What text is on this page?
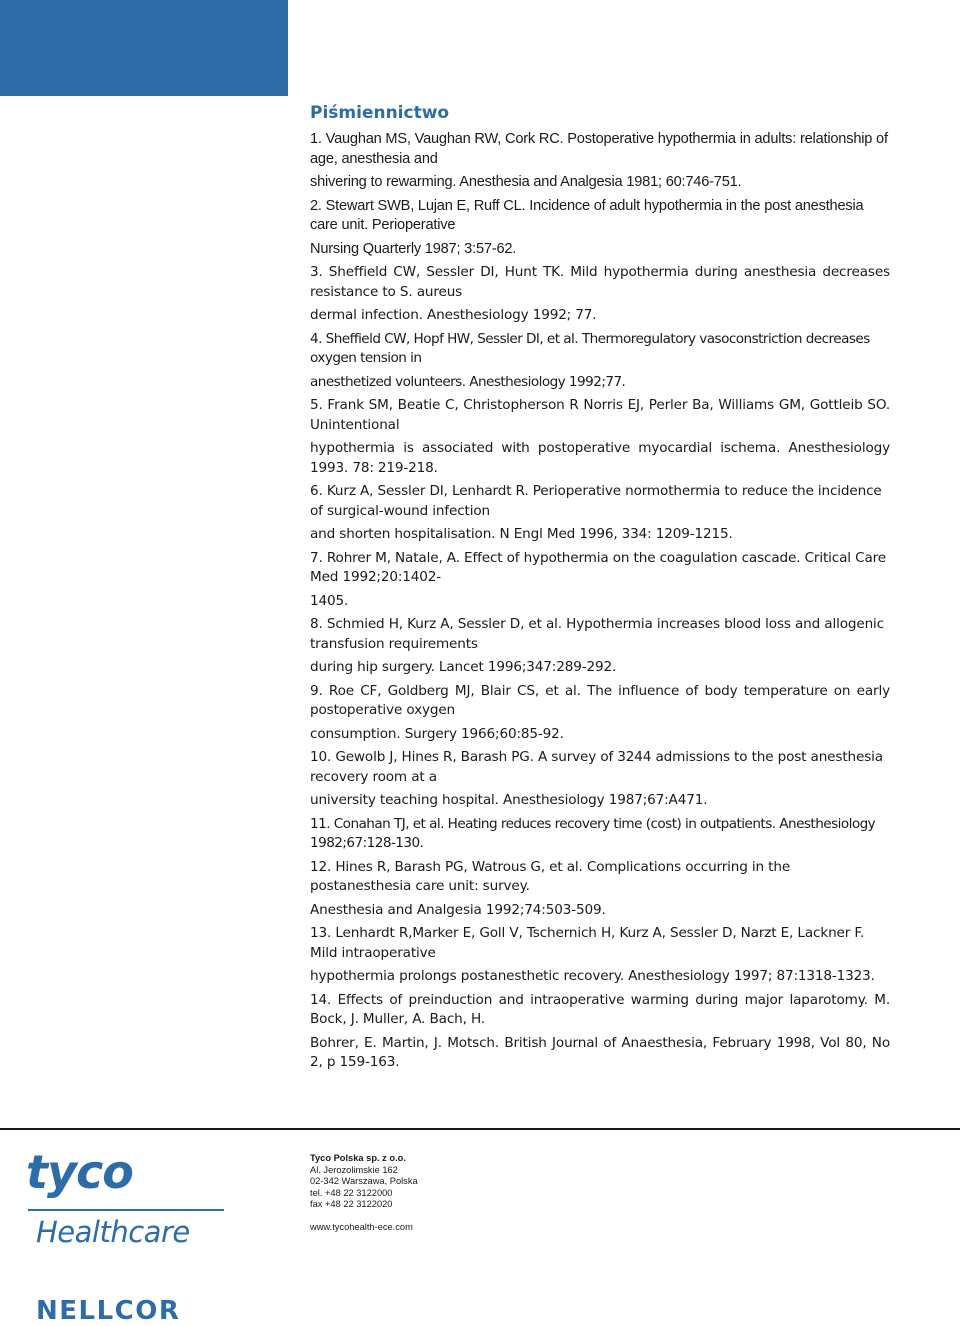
Piśmiennictwo
1. Vaughan MS, Vaughan RW, Cork RC. Postoperative hypothermia in adults: relationship of age, anesthesia and
shivering to rewarming. Anesthesia and Analgesia 1981; 60:746-751.
2. Stewart SWB, Lujan E, Ruff CL. Incidence of adult hypothermia in the post anesthesia care unit. Perioperative
Nursing Quarterly 1987; 3:57-62.
3. Sheffield CW, Sessler DI, Hunt TK. Mild hypothermia during anesthesia decreases resistance to S. aureus
dermal infection. Anesthesiology 1992; 77.
4. Sheffield CW, Hopf HW, Sessler DI, et al. Thermoregulatory vasoconstriction decreases oxygen tension in
anesthetized volunteers. Anesthesiology 1992;77.
5. Frank SM, Beatie C, Christopherson R Norris EJ, Perler Ba, Williams GM, Gottleib SO. Unintentional
hypothermia is associated with postoperative myocardial ischema. Anesthesiology 1993. 78: 219-218.
6. Kurz A, Sessler DI, Lenhardt R. Perioperative normothermia to reduce the incidence of surgical-wound infection
and shorten hospitalisation. N Engl Med 1996, 334: 1209-1215.
7. Rohrer M, Natale, A. Effect of hypothermia on the coagulation cascade. Critical Care Med 1992;20:1402-
1405.
8. Schmied H, Kurz A, Sessler D, et al. Hypothermia increases blood loss and allogenic transfusion requirements
during hip surgery. Lancet 1996;347:289-292.
9. Roe CF, Goldberg MJ, Blair CS, et al. The influence of body temperature on early postoperative oxygen
consumption. Surgery 1966;60:85-92.
10. Gewolb J, Hines R, Barash PG. A survey of 3244 admissions to the post anesthesia recovery room at a
university teaching hospital. Anesthesiology 1987;67:A471.
11. Conahan TJ, et al. Heating reduces recovery time (cost) in outpatients. Anesthesiology 1982;67:128-130.
12. Hines R, Barash PG, Watrous G, et al. Complications occurring in the postanesthesia care unit: survey.
Anesthesia and Analgesia 1992;74:503-509.
13. Lenhardt R,Marker E, Goll V, Tschernich H, Kurz A, Sessler D, Narzt E, Lackner F. Mild intraoperative
hypothermia prolongs postanesthetic recovery. Anesthesiology 1997; 87:1318-1323.
14. Effects of preinduction and intraoperative warming during major laparotomy. M. Bock, J. Muller, A. Bach, H.
Bohrer, E. Martin, J. Motsch. British Journal of Anaesthesia, February 1998, Vol 80, No 2, p 159-163.
tyco
Healthcare
NELLCOR
Tyco Polska sp. z o.o.
Al. Jerozolimskie 162
02-342 Warszawa, Polska
tel. +48 22 3122000
fax +48 22 3122020
www.tycohealth-ece.com
